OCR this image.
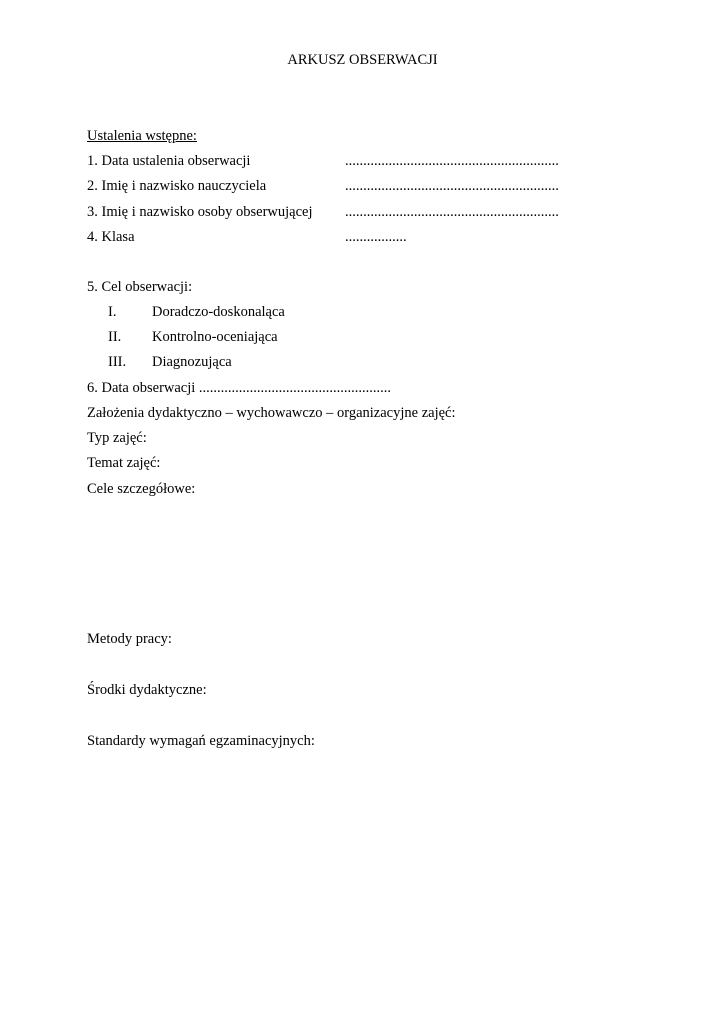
ARKUSZ OBSERWACJI
Ustalenia wstępne:
1. Data ustalenia obserwacji	...........................................................
2. Imię i nazwisko nauczyciela	...........................................................
3. Imię i nazwisko osoby obserwującej ...........................................................
4. Klasa	.................
5. Cel obserwacji:
I. Doradczo-doskonaląca
II. Kontrolno-oceniająca
III. Diagnozująca
6. Data obserwacji .....................................................
Założenia dydaktyczno – wychowawczo – organizacyjne zajęć:
Typ zajęć:
Temat zajęć:
Cele szczegółowe:
Metody pracy:
Środki dydaktyczne:
Standardy wymagań egzaminacyjnych:
